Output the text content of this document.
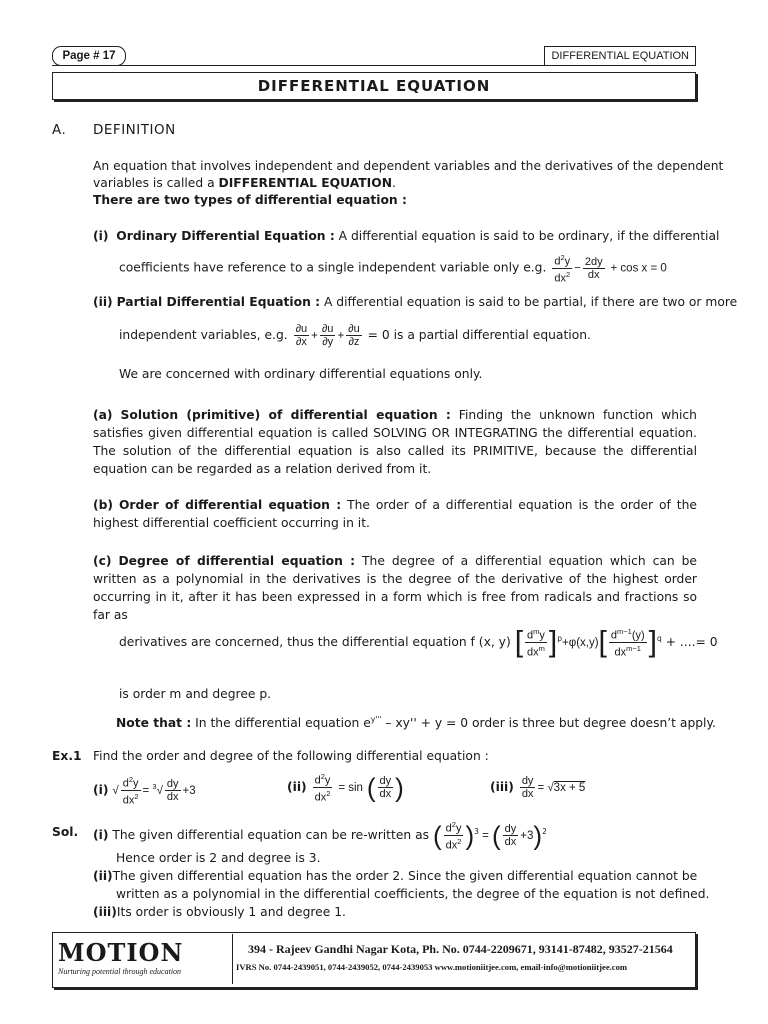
Page # 17	DIFFERENTIAL EQUATION
DIFFERENTIAL EQUATION
A. DEFINITION
An equation that involves independent and dependent variables and the derivatives of the dependent
variables is called a DIFFERENTIAL EQUATION.
There are two types of differential equation :
(i) Ordinary Differential Equation : A differential equation is said to be ordinary, if the differential
coefficients have reference to a single independent variable only e.g. $\frac{d^2y}{dx^2} - \frac{2dy}{dx} + \cos x = 0$
(ii) Partial Differential Equation : A differential equation is said to be partial, if there are two or more
independent variables, e.g. $\frac{\partial u}{\partial x} + \frac{\partial u}{\partial y} + \frac{\partial u}{\partial z} = 0$ is a partial differential equation.
We are concerned with ordinary differential equations only.
(a) Solution (primitive) of differential equation : Finding the unknown function which satisfies given differential equation is called SOLVING OR INTEGRATING the differential equation. The solution of the differential equation is also called its PRIMITIVE, because the differential equation can be regarded as a relation derived from it.
(b) Order of differential equation : The order of a differential equation is the order of the highest differential coefficient occurring in it.
(c) Degree of differential equation : The degree of a differential equation which can be written as a polynomial in the derivatives is the degree of the derivative of the highest order occurring in it, after it has been expressed in a form which is free from radicals and fractions so far as
derivatives are concerned, thus the differential equation f (x, y) [ $\frac{d^my}{dx^m} ]^p+\varphi(x,y)[ \frac{d^{m-1}(y)}{dx^{m-1}} ]^q$ + ....= 0
is order m and degree p.
Note that : In the differential equation $e^{y'''} - xy'' + y = 0$ order is three but degree doesn’t apply.
Ex.1 Find the order and degree of the following differential equation :
(i) √ $\frac{d^2y}{dx^2} = ^3√ \frac{dy}{dx} +3$	$(ii) \frac{d^2y}{dx^2} = \sin$ ( $\frac{dy}{dx}$ )	$(iii) \frac{dy}{dx} = √3x + 5$
Sol. (i) The given differential equation can be re-written as ( $\frac{d^2y}{dx^2} )^3$ = ( $\frac{dy}{dx} +3)^2$
Hence order is 2 and degree is 3.
(ii)The given differential equation has the order 2. Since the given differential equation cannot be
written as a polynomial in the differential coefficients, the degree of the equation is not defined.
(iii)Its order is obviously 1 and degree 1.
MOTION
Nurturing potential through education
394 - Rajeev Gandhi Nagar Kota, Ph. No. 0744-2209671, 93141-87482, 93527-21564
IVRS No. 0744-2439051, 0744-2439052, 0744-2439053 www.motioniitjee.com, email-info@motioniitjee.com
